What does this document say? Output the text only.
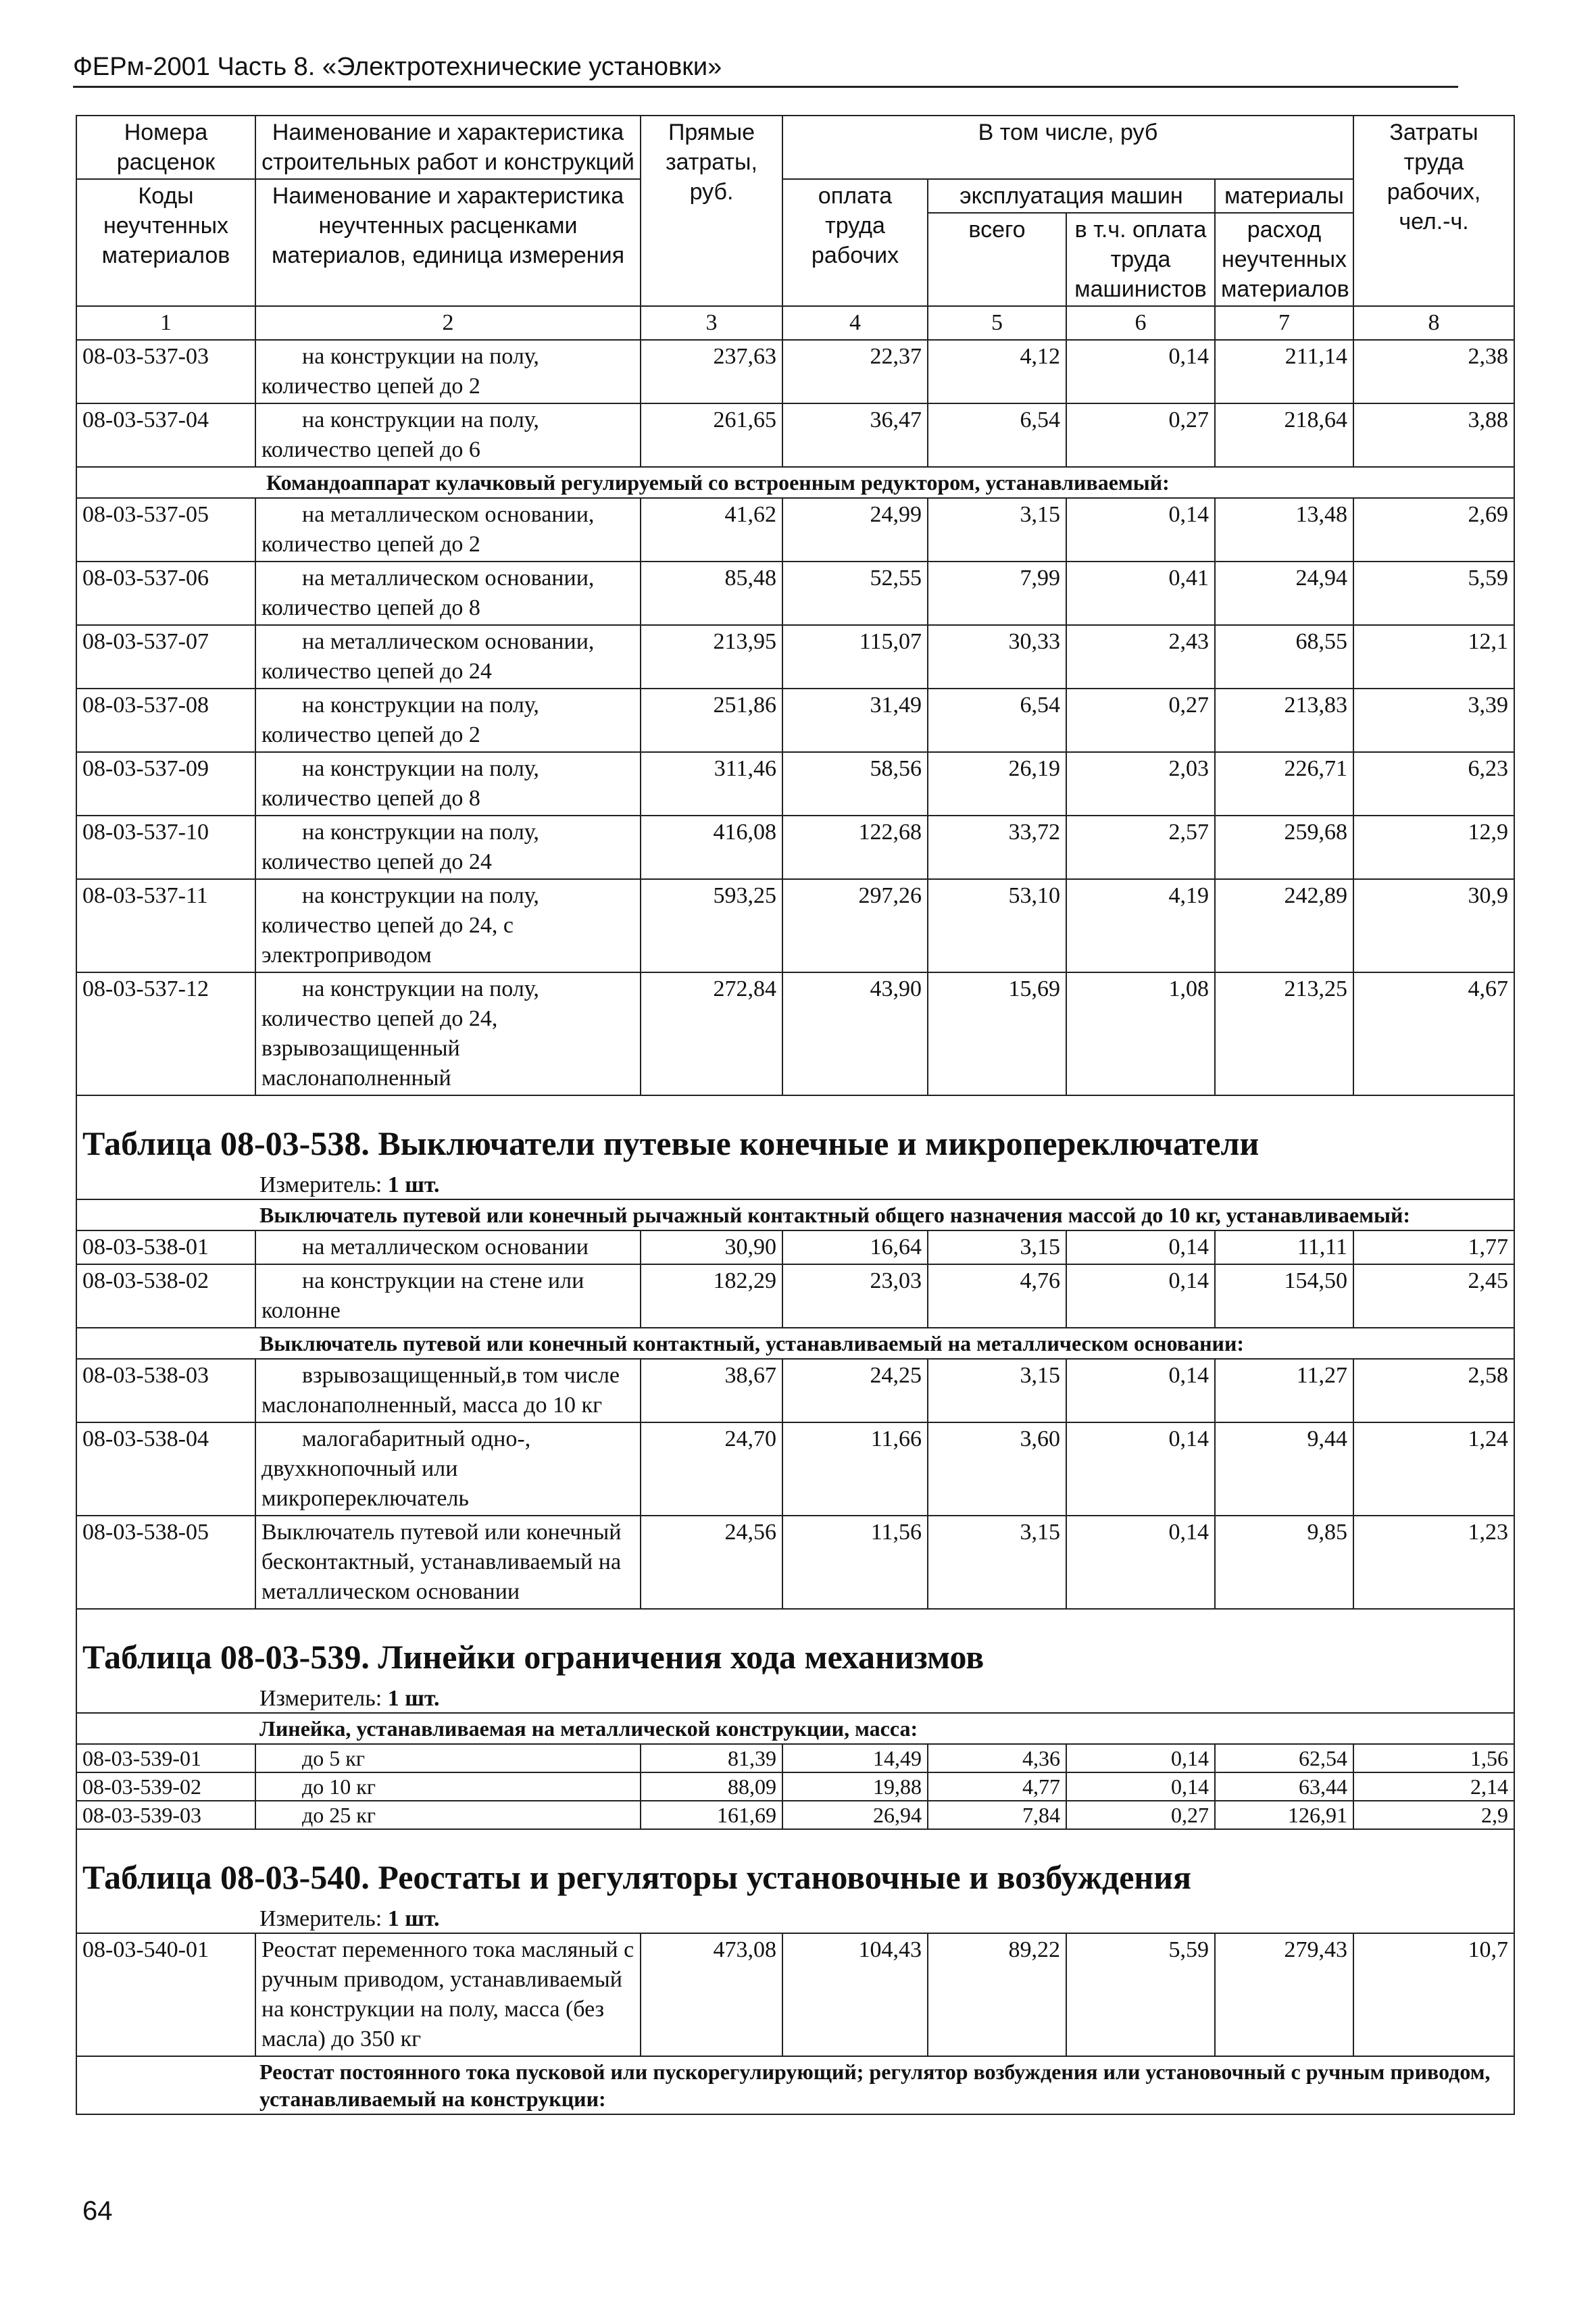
ФЕРм-2001 Часть 8. «Электротехнические установки»
Номера расценок	Наименование и характеристика строительных работ и конструкций	Прямые затраты, руб.	В том числе, руб				Затраты труда рабочих, чел.-ч.
Коды неучтенных материалов	Наименование и характеристика неучтенных расценками материалов, единица измерения		оплата труда рабочих	эксплуатация машин		материалы	
				всего	в т.ч. оплата труда машинистов	расход неучтенных материалов	
1	2	3	4	5	6	7	8
08-03-537-03	на конструкции на полу, количество цепей до 2	237,63	22,37	4,12	0,14	211,14	2,38
08-03-537-04	на конструкции на полу, количество цепей до 6	261,65	36,47	6,54	0,27	218,64	3,88
Командоаппарат кулачковый регулируемый со встроенным редуктором, устанавливаемый:							
08-03-537-05	на металлическом основании, количество цепей до 2	41,62	24,99	3,15	0,14	13,48	2,69
08-03-537-06	на металлическом основании, количество цепей до 8	85,48	52,55	7,99	0,41	24,94	5,59
08-03-537-07	на металлическом основании, количество цепей до 24	213,95	115,07	30,33	2,43	68,55	12,1
08-03-537-08	на конструкции на полу, количество цепей до 2	251,86	31,49	6,54	0,27	213,83	3,39
08-03-537-09	на конструкции на полу, количество цепей до 8	311,46	58,56	26,19	2,03	226,71	6,23
08-03-537-10	на конструкции на полу, количество цепей до 24	416,08	122,68	33,72	2,57	259,68	12,9
08-03-537-11	на конструкции на полу, количество цепей до 24, с электроприводом	593,25	297,26	53,10	4,19	242,89	30,9
08-03-537-12	на конструкции на полу, количество цепей до 24, взрывозащищенный маслонаполненный	272,84	43,90	15,69	1,08	213,25	4,67

Таблица 08-03-538. Выключатели путевые конечные и микропереключатели
Измеритель: 1 шт.							

Выключатель путевой или конечный рычажный контактный общего назначения массой до 10 кг, устанавливаемый:							
08-03-538-01	на металлическом основании	30,90	16,64	3,15	0,14	11,11	1,77
08-03-538-02	на конструкции на стене или колонне	182,29	23,03	4,76	0,14	154,50	2,45
Выключатель путевой или конечный контактный, устанавливаемый на металлическом основании:							
08-03-538-03	взрывозащищенный,в том числе маслонаполненный, масса до 10 кг	38,67	24,25	3,15	0,14	11,27	2,58
08-03-538-04	малогабаритный одно-, двухкнопочный или микропереключатель	24,70	11,66	3,60	0,14	9,44	1,24
08-03-538-05	Выключатель путевой или конечный бесконтактный, устанавливаемый на металлическом основании	24,56	11,56	3,15	0,14	9,85	1,23

Таблица 08-03-539. Линейки ограничения хода механизмов
Измеритель: 1 шт.							

Линейка, устанавливаемая на металлической конструкции, масса:							
08-03-539-01	до 5 кг	81,39	14,49	4,36	0,14	62,54	1,56
08-03-539-02	до 10 кг	88,09	19,88	4,77	0,14	63,44	2,14
08-03-539-03	до 25 кг	161,69	26,94	7,84	0,27	126,91	2,9

Таблица 08-03-540. Реостаты и регуляторы установочные и возбуждения
Измеритель: 1 шт.							

08-03-540-01	Реостат переменного тока масляный с ручным приводом, устанавливаемый на конструкции на полу, масса (без масла) до 350 кг	473,08	104,43	89,22	5,59	279,43	10,7
Реостат постоянного тока пусковой или пускорегулирующий; регулятор возбуждения или установочный с ручным приводом, устанавливаемый на конструкции:							
64
